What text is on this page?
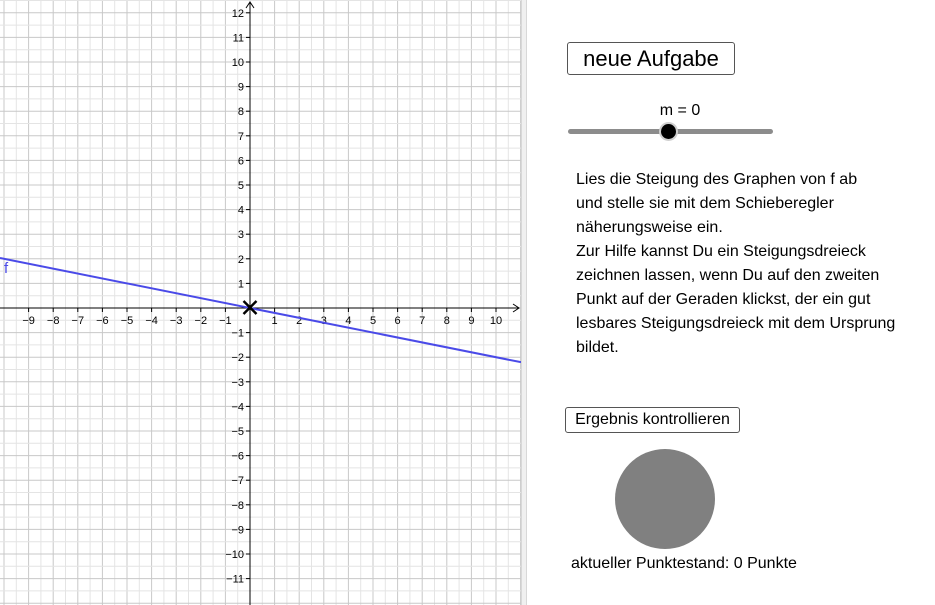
−9 −8 −7 −6 −5 −4 −3 −2 −1	1 2 3 4 5 6 7 8 9 10
12
11
10
9
8
7
6
5
4
3
2
1
−1
−2
−3
−4
−5
−6
−7
−8
−9
−10
−11
f
neue Aufgabe
m = 0
Lies die Steigung des Graphen von f ab
und stelle sie mit dem Schieberegler
näherungsweise ein.
Zur Hilfe kannst Du ein Steigungsdreieck
zeichnen lassen, wenn Du auf den zweiten
Punkt auf der Geraden klickst, der ein gut
lesbares Steigungsdreieck mit dem Ursprung
bildet.
Ergebnis kontrollieren
aktueller Punktestand: 0 Punkte
